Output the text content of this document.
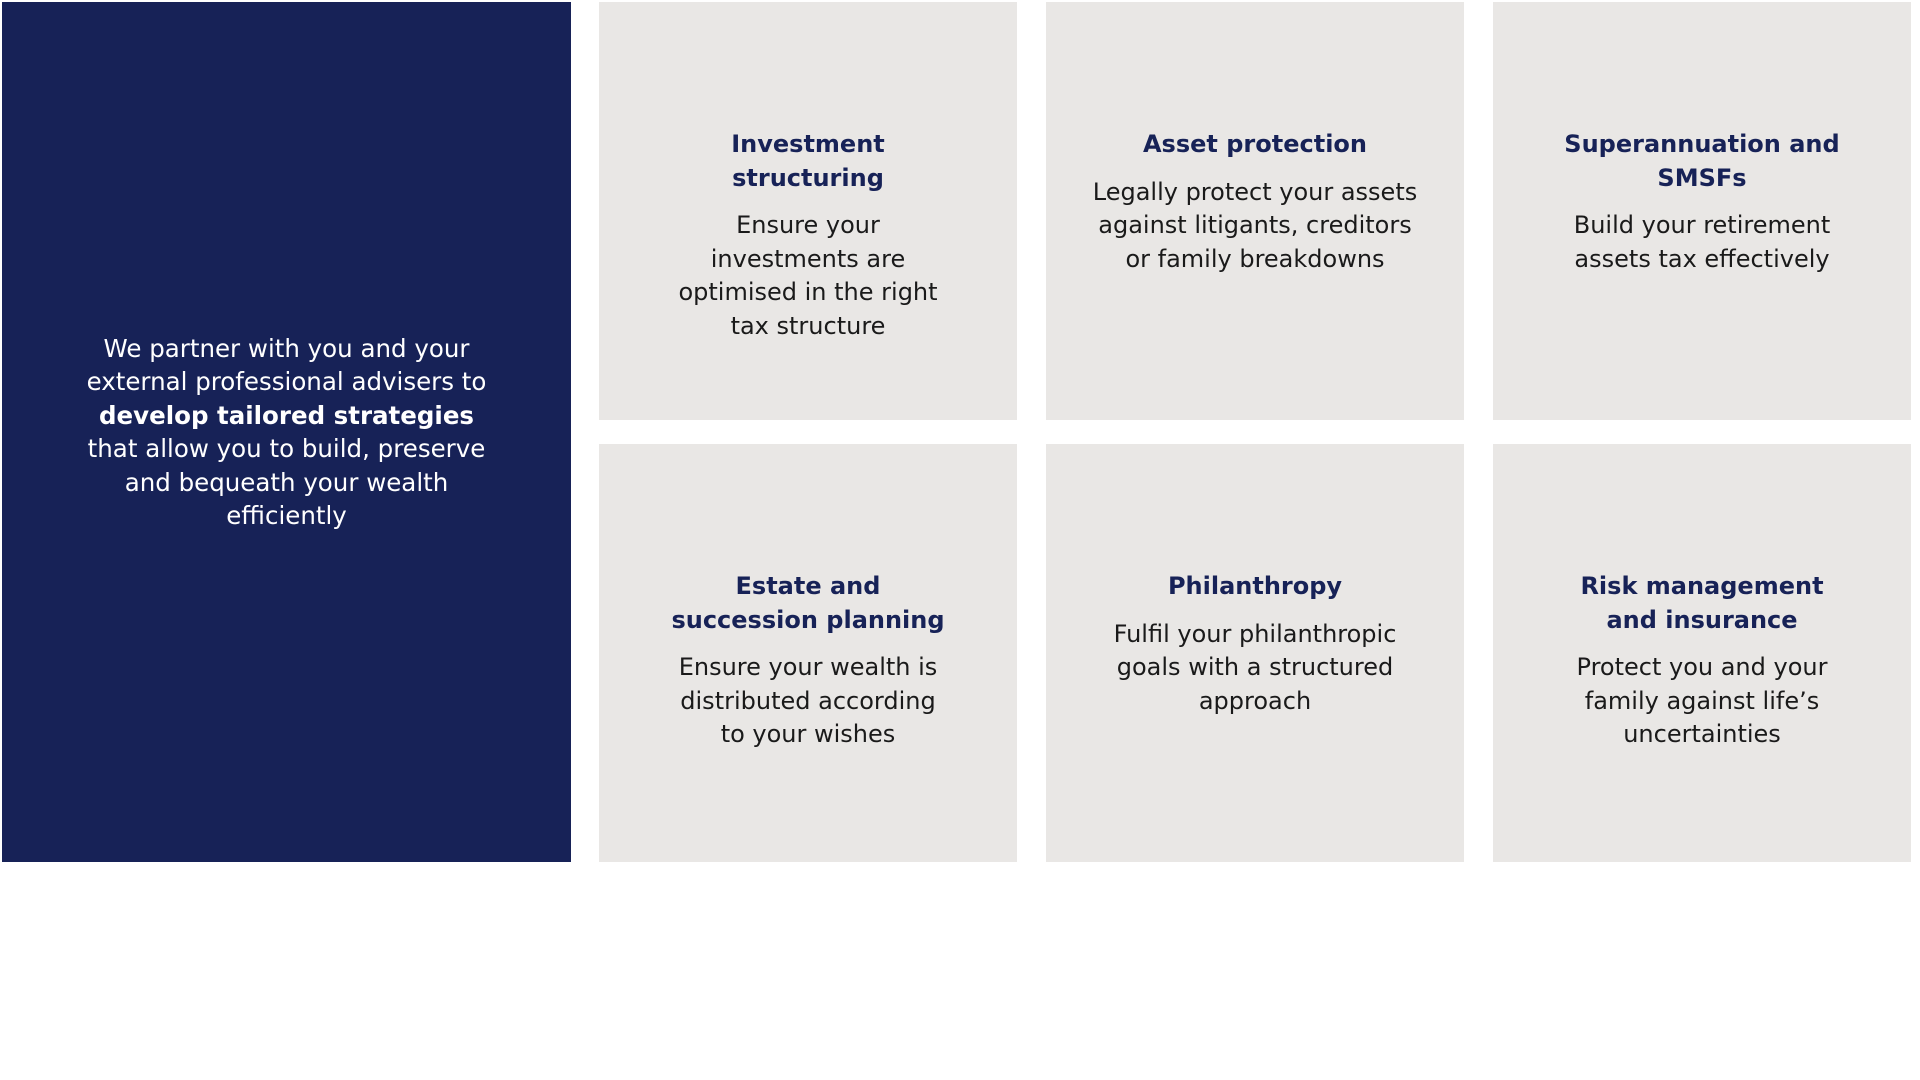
We partner with you and your external professional advisers to develop tailored strategies that allow you to build, preserve and bequeath your wealth efficiently

Investment structuring
Ensure your investments are optimised in the right tax structure
Asset protection
Legally protect your assets against litigants, creditors or family breakdowns
Superannuation and SMSFs
Build your retirement assets tax effectively
Estate and succession planning
Ensure your wealth is distributed according to your wishes
Philanthropy
Fulfil your philanthropic goals with a structured approach
Risk management and insurance
Protect you and your family against life’s uncertainties
